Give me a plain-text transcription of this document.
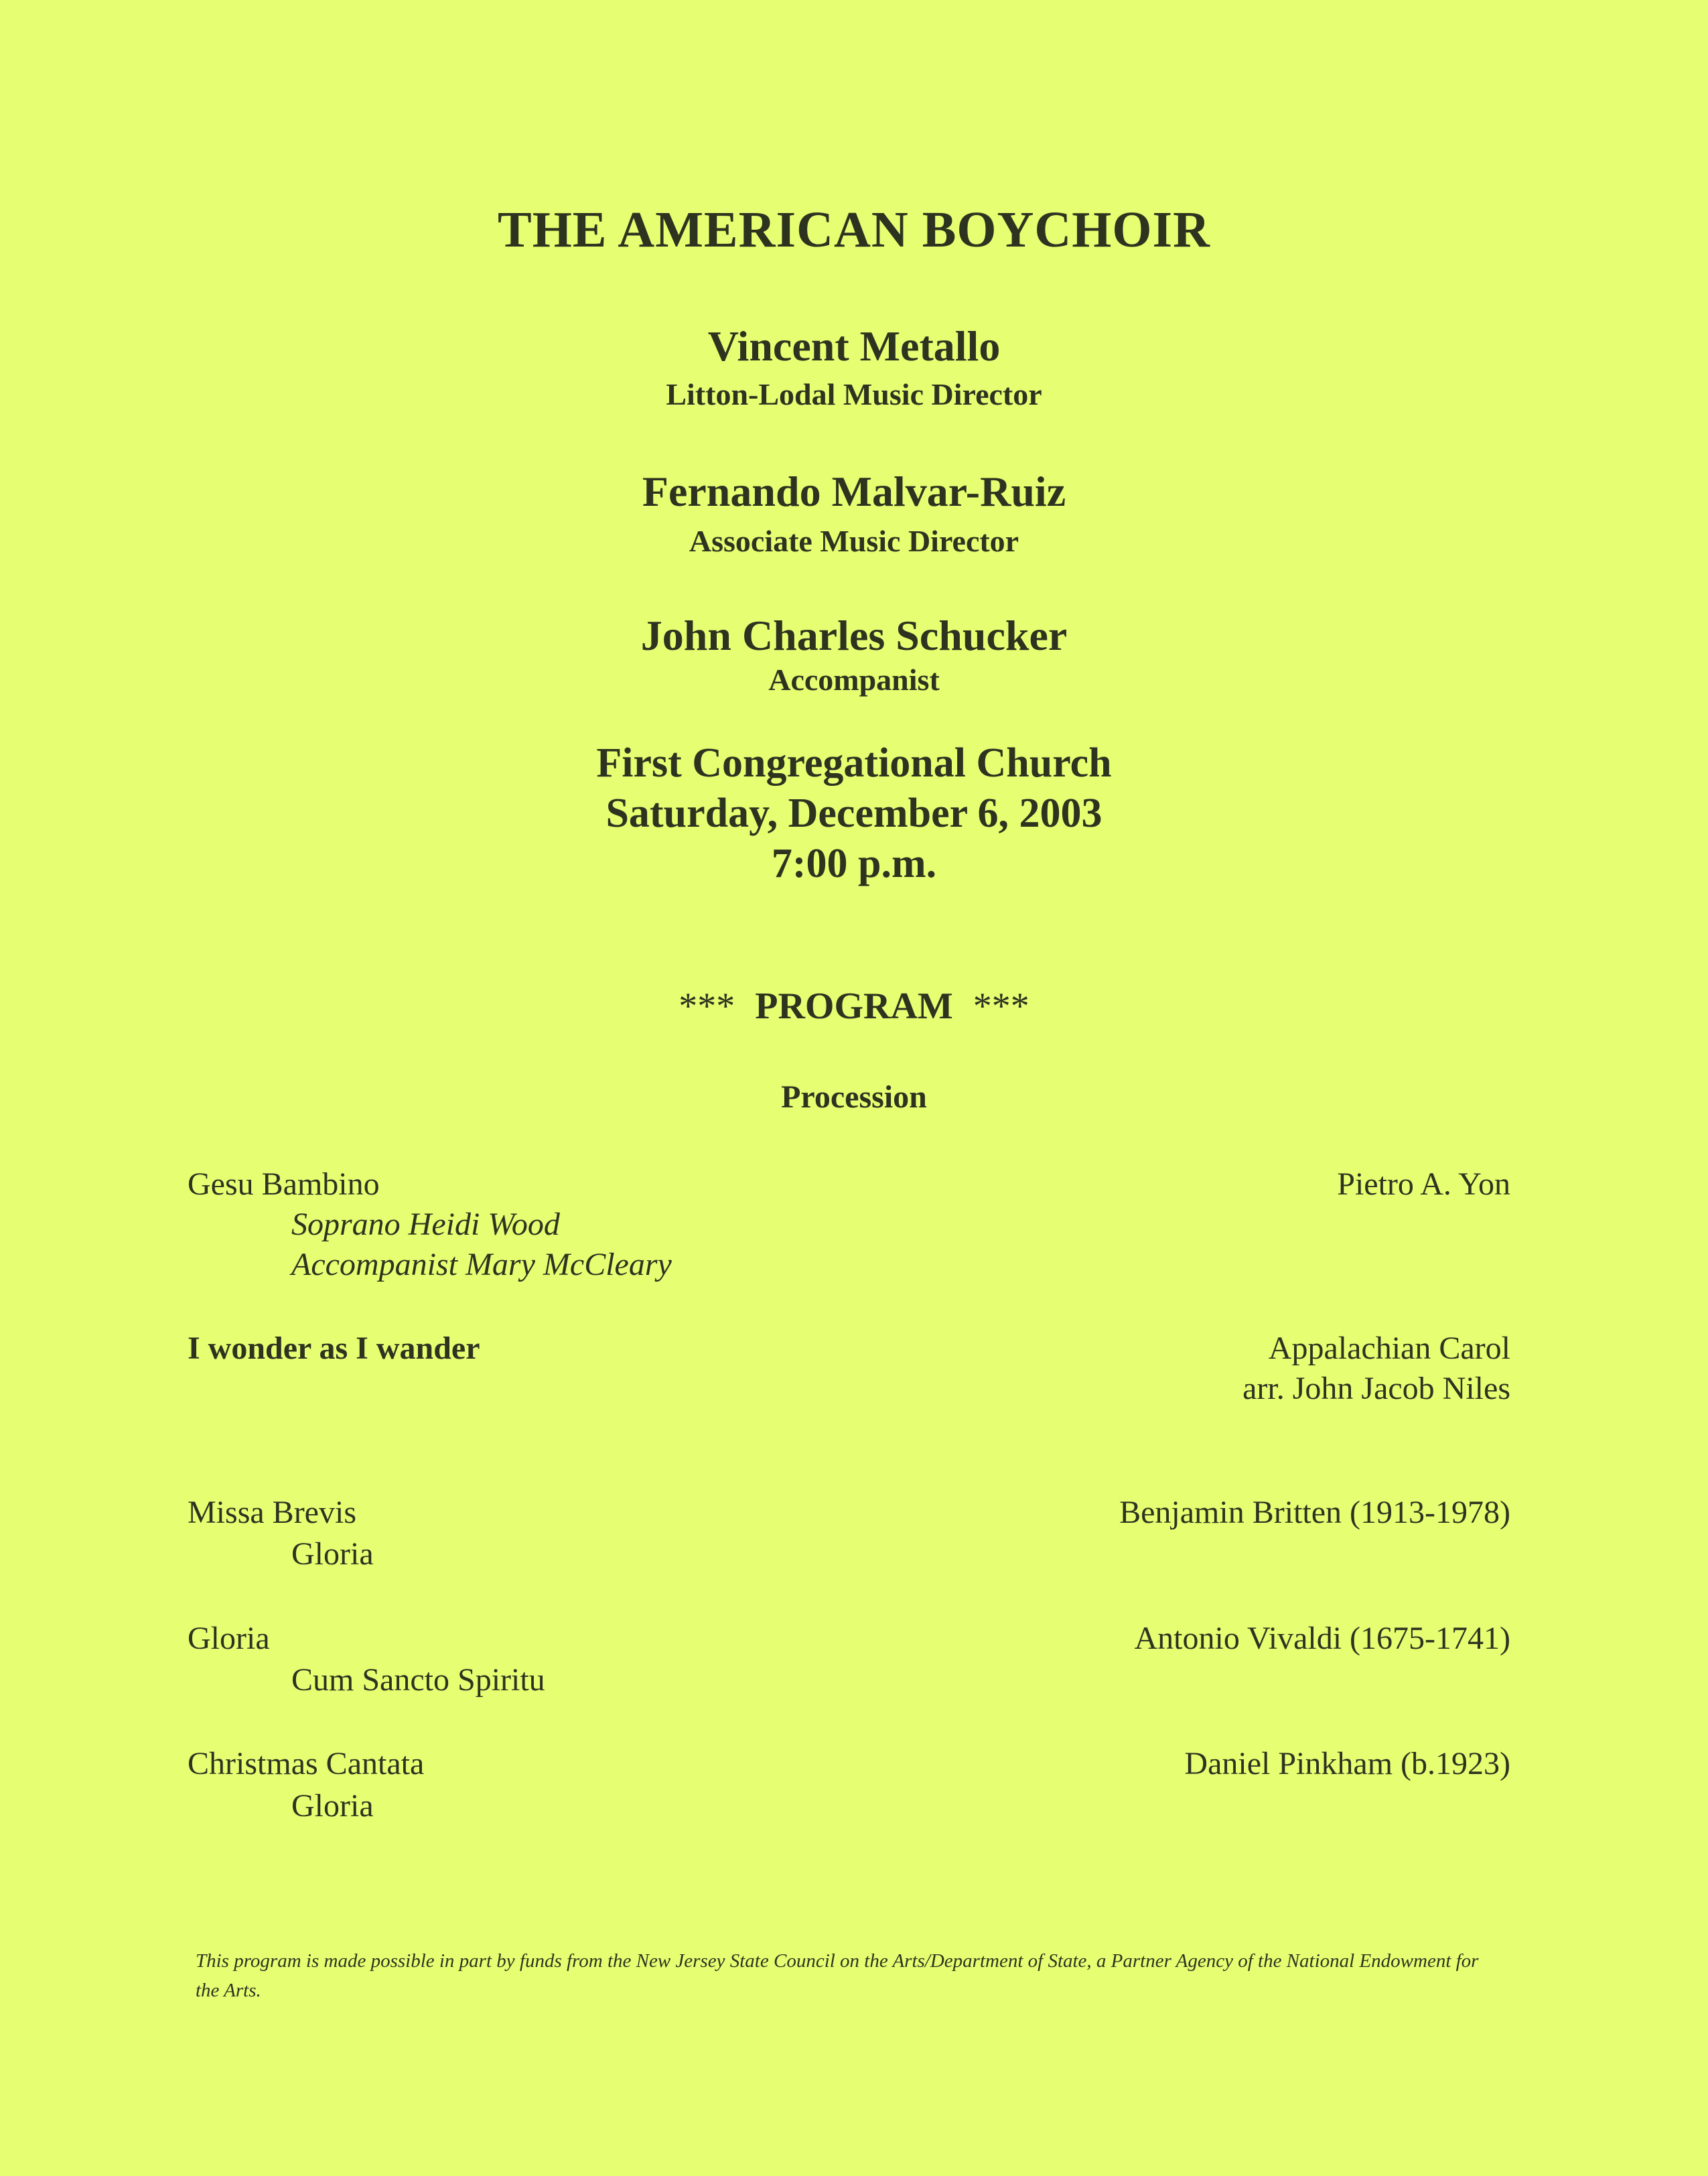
THE AMERICAN BOYCHOIR
Vincent Metallo
Litton-Lodal Music Director
Fernando Malvar-Ruiz
Associate Music Director
John Charles Schucker
Accompanist
First Congregational Church
Saturday, December 6, 2003
7:00 p.m.
*** PROGRAM ***
Procession
Gesu Bambino
Soprano Heidi Wood
Accompanist Mary McCleary
Pietro A. Yon
I wonder as I wander	Appalachian Carol
arr. John Jacob Niles
Missa Brevis
Gloria
Benjamin Britten (1913-1978)
Gloria
Cum Sancto Spiritu
Antonio Vivaldi (1675-1741)
Christmas Cantata
Gloria
Daniel Pinkham (b.1923)
This program is made possible in part by funds from the New Jersey State Council on the Arts/Department of State, a Partner Agency of the National Endowment for the Arts.
